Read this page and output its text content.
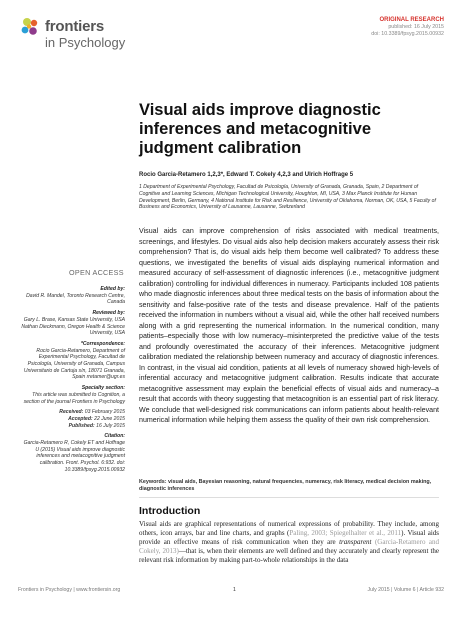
frontiers
in Psychology
ORIGINAL RESEARCH
published: 16 July 2015
doi: 10.3389/fpsyg.2015.00932
Visual aids improve diagnostic inferences and metacognitive judgment calibration
Rocio Garcia-Retamero 1,2,3*, Edward T. Cokely 4,2,3 and Ulrich Hoffrage 5
1 Department of Experimental Psychology, Facultad de Psicología, University of Granada, Granada, Spain, 2 Department of Cognitive and Learning Sciences, Michigan Technological University, Houghton, MI, USA, 3 Max Planck Institute for Human Development, Berlin, Germany, 4 National Institute for Risk and Resilience, University of Oklahoma, Norman, OK, USA, 5 Faculty of Business and Economics, University of Lausanne, Lausanne, Switzerland
Visual aids can improve comprehension of risks associated with medical treatments, screenings, and lifestyles. Do visual aids also help decision makers accurately assess their risk comprehension? That is, do visual aids help them become well calibrated? To address these questions, we investigated the benefits of visual aids displaying numerical information and measured accuracy of self-assessment of diagnostic inferences (i.e., metacognitive judgment calibration) controlling for individual differences in numeracy. Participants included 108 patients who made diagnostic inferences about three medical tests on the basis of information about the sensitivity and false-positive rate of the tests and disease prevalence. Half of the patients received the information in numbers without a visual aid, while the other half received numbers along with a grid representing the numerical information. In the numerical condition, many patients–especially those with low numeracy–misinterpreted the predictive value of the tests and profoundly overestimated the accuracy of their inferences. Metacognitive judgment calibration mediated the relationship between numeracy and accuracy of diagnostic inferences. In contrast, in the visual aid condition, patients at all levels of numeracy showed high-levels of inferential accuracy and metacognitive judgment calibration. Results indicate that accurate metacognitive assessment may explain the beneficial effects of visual aids and numeracy–a result that accords with theory suggesting that metacognition is an essential part of risk literacy. We conclude that well-designed risk communications can inform patients about health-relevant numerical information while helping them assess the quality of their own risk comprehension.
Keywords: visual aids, Bayesian reasoning, natural frequencies, numeracy, risk literacy, medical decision making, diagnostic inferences
OPEN ACCESS
Edited by:
David R. Mandel, Toronto Research Centre, Canada
Reviewed by:
Gary L. Brase, Kansas State University, USA Nathan Dieckmann, Oregon Health & Science University, USA
*Correspondence:
Rocio Garcia-Retamero, Department of Experimental Psychology, Facultad de Psicología, University of Granada, Campus Universitario de Cartuja s/n, 18071 Granada, Spain rretamer@ugr.es
Specialty section:
This article was submitted to Cognition, a section of the journal Frontiers in Psychology
Received: 03 February 2015
Accepted: 22 June 2015
Published: 16 July 2015
Citation:
Garcia-Retamero R, Cokely ET and Hoffrage U (2015) Visual aids improve diagnostic inferences and metacognitive judgment calibration. Front. Psychol. 6:932. doi: 10.3389/fpsyg.2015.00932
Introduction
Visual aids are graphical representations of numerical expressions of probability. They include, among others, icon arrays, bar and line charts, and graphs (Paling, 2003; Spiegelhalter et al., 2011). Visual aids provide an effective means of risk communication when they are transparent (Garcia-Retamero and Cokely, 2013)—that is, when their elements are well defined and they accurately and clearly represent the relevant risk information by making part-to-whole relationships in the data
Frontiers in Psychology | www.frontiersin.org	1	July 2015 | Volume 6 | Article 932
